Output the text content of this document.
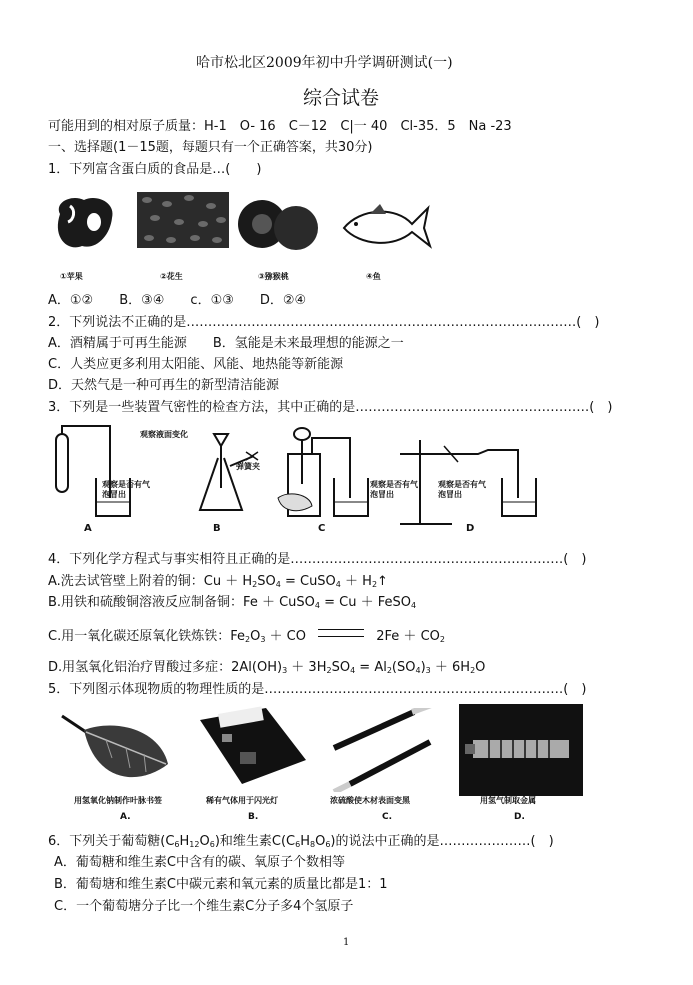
哈市松北区2009年初中升学调研测试(一)
综合试卷
可能用到的相对原子质量：H-1　O- 16　C－12　C|一 40　Cl-35．5　Na -23
一、选择题(1－15题，每题只有一个正确答案，共30分)
1．下列富含蛋白质的食品是…(　　)
①苹果	②花生	③猕猴桃	④鱼
A．①②　　B．③④　　c．①③　　D．②④
2．下列说法不正确的是………………………………………………………………………………(　)
A．酒精属于可再生能源　　B．氢能是未来最理想的能源之一
C．人类应更多利用太阳能、风能、地热能等新能源
D．天然气是一种可再生的新型清洁能源
3．下列是一些装置气密性的检查方法，其中正确的是………………………………………………(　)
观察是否有气泡冒出
观察液面变化
弹簧夹
观察是否有气泡冒出
观察是否有气泡冒出
A	B	C	D
4．下列化学方程式与事实相符且正确的是………………………………………………………(　)
A.洗去试管壁上附着的铜：$Cu + H_2SO_4$ = CuSO$_4$ ＋ $H_2↑$
B.用铁和硫酸铜溶液反应制备铜：Fe ＋ CuSO$_4$ = Cu ＋ FeSO$_4$
C.用一氧化碳还原氧化铁炼铁：$Fe_2O_3$ ＋ CO	$2Fe + CO_2$
D.用氢氧化铝治疗胃酸过多症：$2Al(OH)_3 + 3H_2SO_4 = Al_2(SO_4)_3 + 6H_2O$
5．下列图示体现物质的物理性质的是……………………………………………………………(　)
用氢氧化钠制作叶脉书签	稀有气体用于闪光灯	浓硫酸使木材表面变黑	用氢气制取金属
A.	B.	C.	D.
6．下列关于葡萄糖$(C_6H_{12}O_6)$和维生素$C(C_6H_8O_6)$的说法中正确的是…………………(　)
A．葡萄糖和维生素C中含有的碳、氧原子个数相等
B．葡萄塘和维生素C中碳元素和氧元素的质量比都是1：1
C．一个葡萄塘分子比一个维生素C分子多4个氢原子
1
